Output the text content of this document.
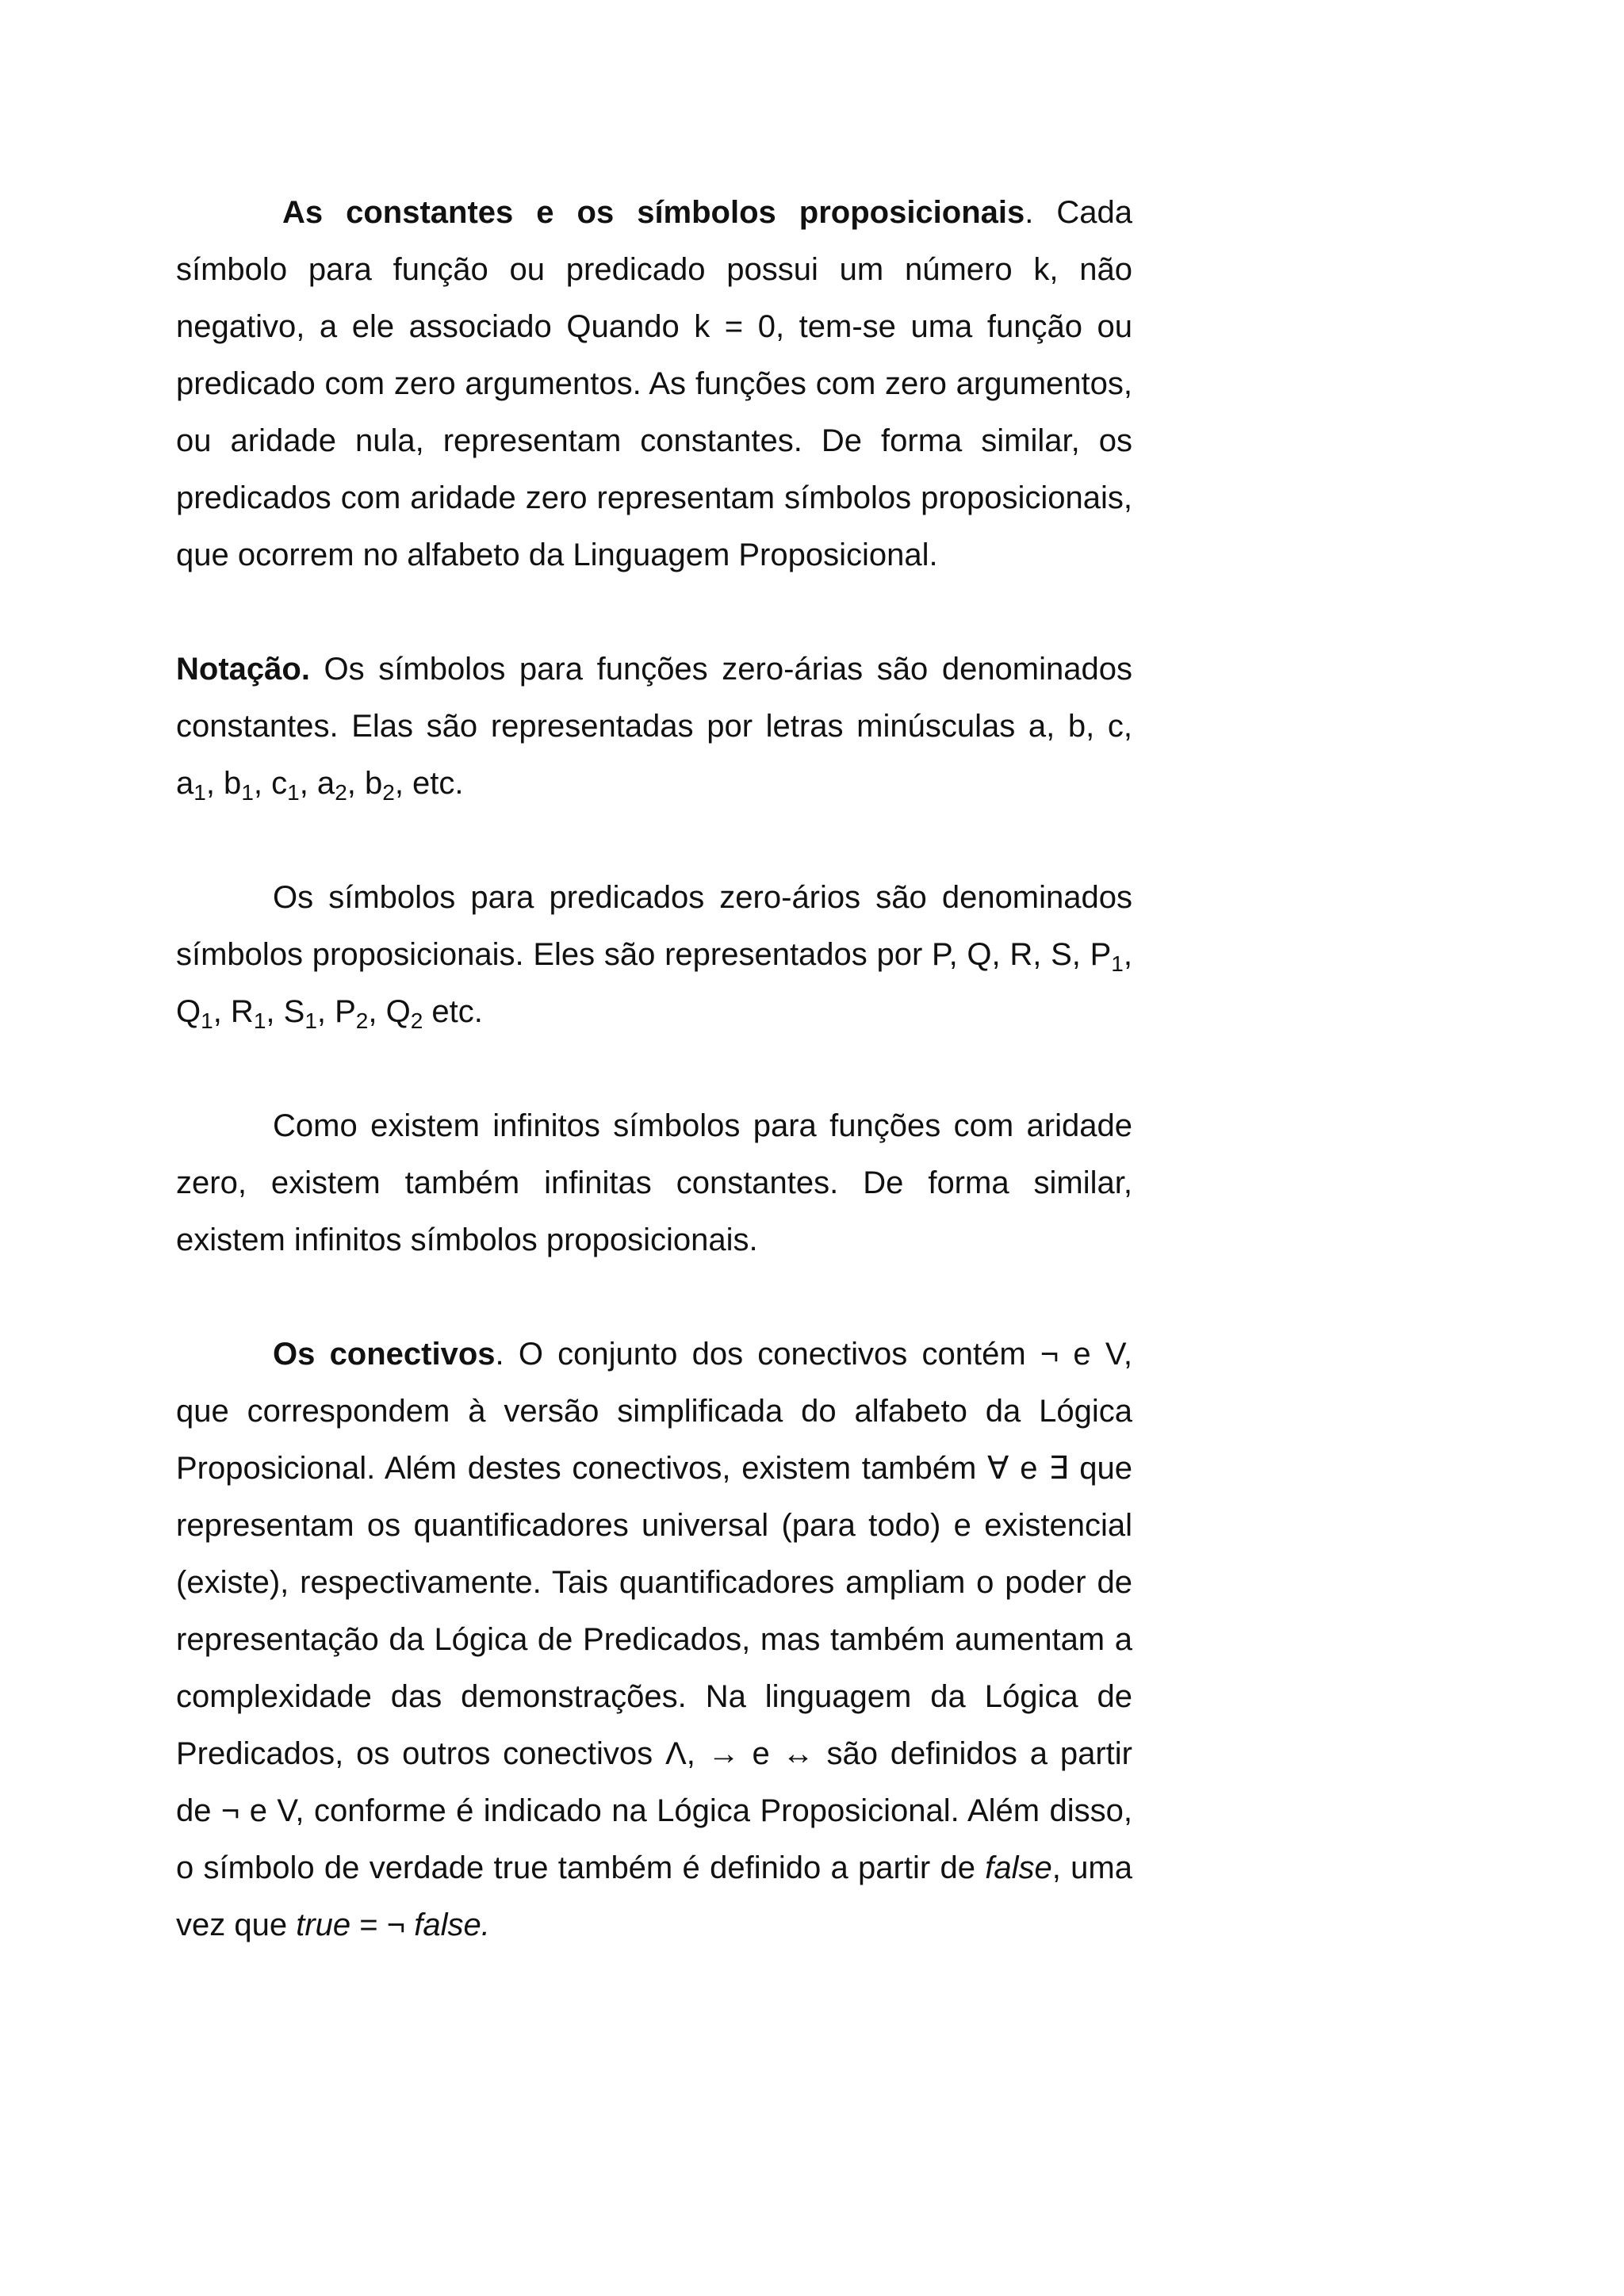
As constantes e os símbolos proposicionais. Cada símbolo para função ou predicado possui um número k, não negativo, a ele associado Quando k = 0, tem-se uma função ou predicado com zero argumentos. As funções com zero argumentos, ou aridade nula, representam constantes. De forma similar, os predicados com aridade zero representam símbolos proposicionais, que ocorrem no alfabeto da Linguagem Proposicional.

Notação. Os símbolos para funções zero-árias são denominados constantes. Elas são representadas por letras minúsculas a, b, c, $a_1$, $b_1$, $c_1$, $a_2$, $b_2$, etc.

Os símbolos para predicados zero-ários são denominados símbolos proposicionais. Eles são representados por P, Q, R, S, $P_1$, $Q_1$, $R_1$, $S_1$, $P_2$, $Q_2$ etc.

Como existem infinitos símbolos para funções com aridade zero, existem também infinitas constantes. De forma similar, existem infinitos símbolos proposicionais.

Os conectivos. O conjunto dos conectivos contém ¬ e V, que correspondem à versão simplificada do alfabeto da Lógica Proposicional. Além destes conectivos, existem também ∀ e ∃ que representam os quantificadores universal (para todo) e existencial (existe), respectivamente. Tais quantificadores ampliam o poder de representação da Lógica de Predicados, mas também aumentam a complexidade das demonstrações. Na linguagem da Lógica de Predicados, os outros conectivos Λ, → e ↔ são definidos a partir de ¬ e V, conforme é indicado na Lógica Proposicional. Além disso, o símbolo de verdade true também é definido a partir de false, uma vez que true = ¬ false.
